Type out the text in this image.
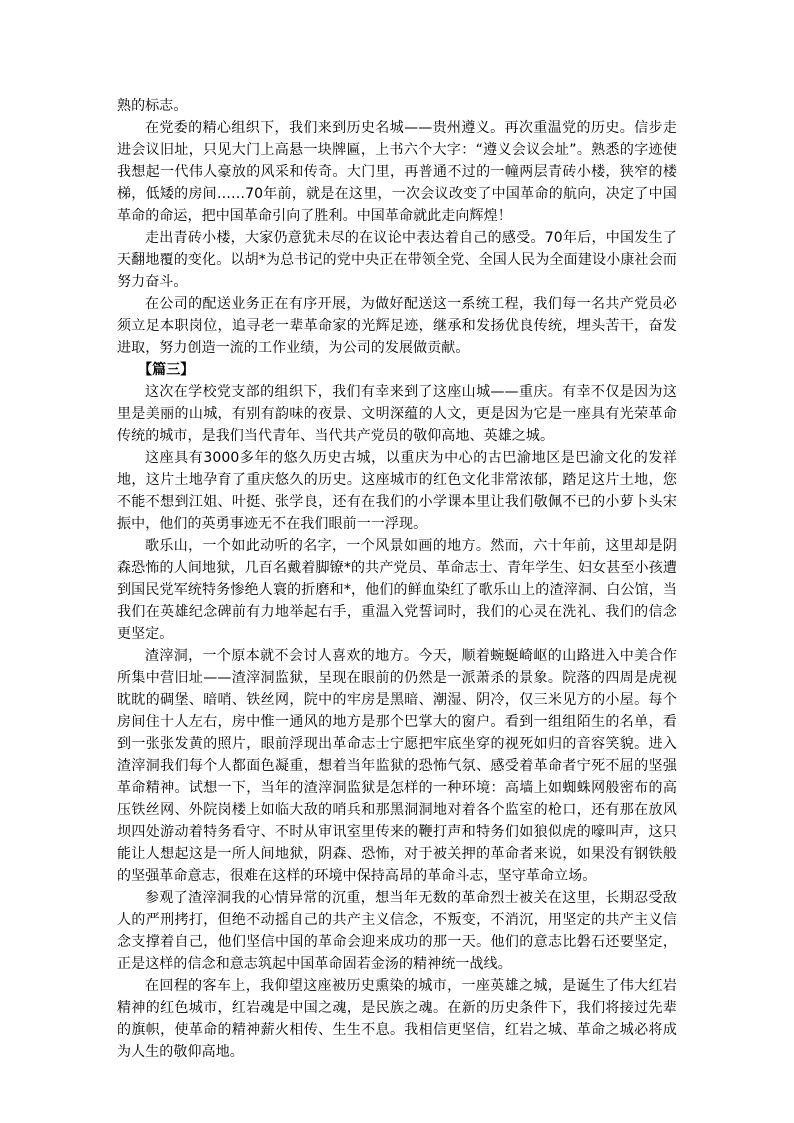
熟的标志。

在党委的精心组织下，我们来到历史名城——贵州遵义。再次重温党的历史。信步走进会议旧址，只见大门上高悬一块牌匾，上书六个大字：“遵义会议会址”。熟悉的字迹使我想起一代伟人豪放的风采和传奇。大门里，再普通不过的一幢两层青砖小楼，狭窄的楼梯，低矮的房间……70年前，就是在这里，一次会议改变了中国革命的航向，决定了中国革命的命运，把中国革命引向了胜利。中国革命就此走向辉煌！

走出青砖小楼，大家仍意犹未尽的在议论中表达着自己的感受。70年后，中国发生了天翻地覆的变化。以胡*为总书记的党中央正在带领全党、全国人民为全面建设小康社会而努力奋斗。

在公司的配送业务正在有序开展，为做好配送这一系统工程，我们每一名共产党员必须立足本职岗位，追寻老一辈革命家的光辉足迹，继承和发扬优良传统，埋头苦干，奋发进取，努力创造一流的工作业绩，为公司的发展做贡献。

【篇三】

这次在学校党支部的组织下，我们有幸来到了这座山城——重庆。有幸不仅是因为这里是美丽的山城，有别有韵味的夜景、文明深蕴的人文，更是因为它是一座具有光荣革命传统的城市，是我们当代青年、当代共产党员的敬仰高地、英雄之城。

这座具有3000多年的悠久历史古城，以重庆为中心的古巴渝地区是巴渝文化的发祥地，这片土地孕育了重庆悠久的历史。这座城市的红色文化非常浓郁，踏足这片土地，您不能不想到江姐、叶挺、张学良，还有在我们的小学课本里让我们敬佩不已的小萝卜头宋振中，他们的英勇事迹无不在我们眼前一一浮现。

歌乐山，一个如此动听的名字，一个风景如画的地方。然而，六十年前，这里却是阴森恐怖的人间地狱，几百名戴着脚镣*的共产党员、革命志士、青年学生、妇女甚至小孩遭到国民党军统特务惨绝人寰的折磨和*，他们的鲜血染红了歌乐山上的渣滓洞、白公馆，当我们在英雄纪念碑前有力地举起右手，重温入党誓词时，我们的心灵在洗礼、我们的信念更坚定。

渣滓洞，一个原本就不会讨人喜欢的地方。今天，顺着蜿蜒崎岖的山路进入中美合作所集中营旧址——渣滓洞监狱，呈现在眼前的仍然是一派萧杀的景象。院落的四周是虎视眈眈的碉堡、暗哨、铁丝网，院中的牢房是黑暗、潮湿、阴冷，仅三米见方的小屋。每个房间住十人左右，房中惟一通风的地方是那个巴掌大的窗户。看到一组组陌生的名单，看到一张张发黄的照片，眼前浮现出革命志士宁愿把牢底坐穿的视死如归的音容笑貌。进入渣滓洞我们每个人都面色凝重，想着当年监狱的恐怖气氛、感受着革命者宁死不屈的坚强革命精神。试想一下，当年的渣滓洞监狱是怎样的一种环境：高墙上如蜘蛛网般密布的高压铁丝网、外院岗楼上如临大敌的哨兵和那黑洞洞地对着各个监室的枪口，还有那在放风坝四处游动着特务看守、不时从审讯室里传来的鞭打声和特务们如狼似虎的嚎叫声，这只能让人想起这是一所人间地狱，阴森、恐怖，对于被关押的革命者来说，如果没有钢铁般的坚强革命意志，很难在这样的环境中保持高昂的革命斗志，坚守革命立场。

参观了渣滓洞我的心情异常的沉重，想当年无数的革命烈士被关在这里，长期忍受敌人的严刑拷打，但绝不动摇自己的共产主义信念，不叛变，不消沉，用坚定的共产主义信念支撑着自己，他们坚信中国的革命会迎来成功的那一天。他们的意志比磐石还要坚定，正是这样的信念和意志筑起中国革命固若金汤的精神统一战线。

在回程的客车上，我仰望这座被历史熏染的城市，一座英雄之城，是诞生了伟大红岩精神的红色城市，红岩魂是中国之魂，是民族之魂。在新的历史条件下，我们将接过先辈的旗帜，使革命的精神薪火相传、生生不息。我相信更坚信，红岩之城、革命之城必将成为人生的敬仰高地。
